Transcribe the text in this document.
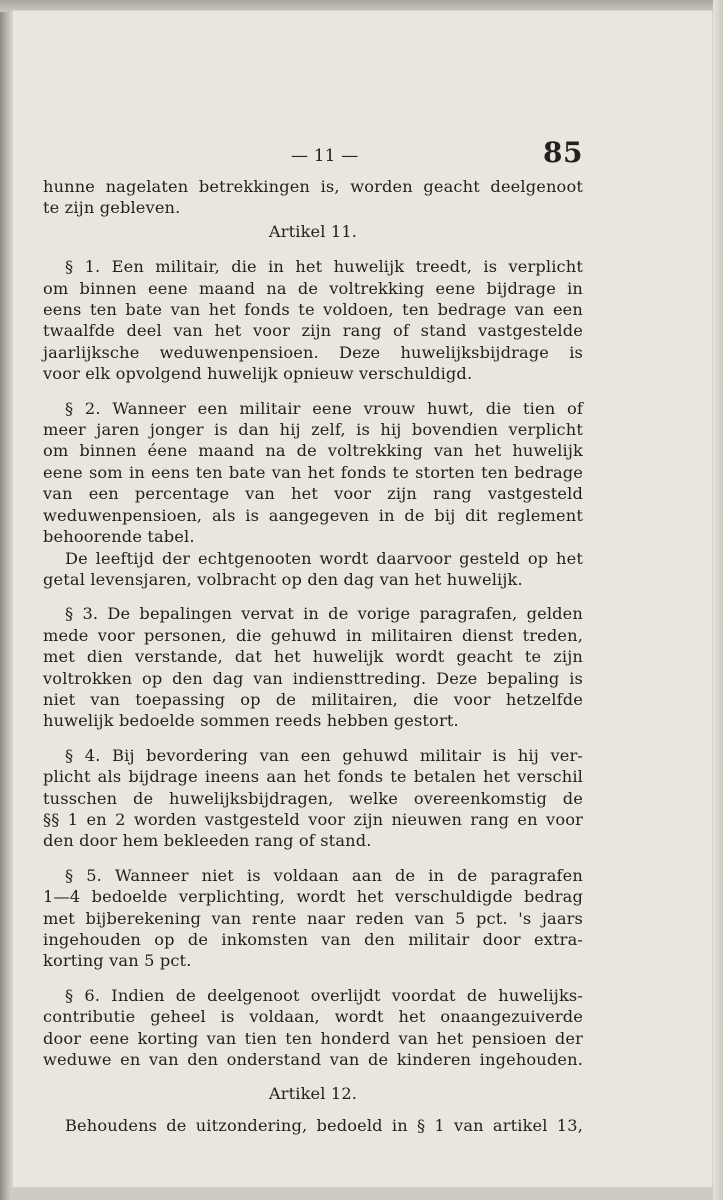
— 11 —	85
hunne nagelaten betrekkingen is, worden geacht deelgenoot
te zijn gebleven.
Artikel 11.
§ 1. Een militair, die in het huwelijk treedt, is verplicht
om binnen eene maand na de voltrekking eene bijdrage in
eens ten bate van het fonds te voldoen, ten bedrage van een
twaalfde deel van het voor zijn rang of stand vastgestelde
jaarlijksche weduwenpensioen. Deze huwelijksbijdrage is
voor elk opvolgend huwelijk opnieuw verschuldigd.
§ 2. Wanneer een militair eene vrouw huwt, die tien of
meer jaren jonger is dan hij zelf, is hij bovendien verplicht
om binnen éene maand na de voltrekking van het huwelijk
eene som in eens ten bate van het fonds te storten ten bedrage
van een percentage van het voor zijn rang vastgesteld
weduwenpensioen, als is aangegeven in de bij dit reglement
behoorende tabel.
De leeftijd der echtgenooten wordt daarvoor gesteld op het
getal levensjaren, volbracht op den dag van het huwelijk.
§ 3. De bepalingen vervat in de vorige paragrafen, gelden
mede voor personen, die gehuwd in militairen dienst treden,
met dien verstande, dat het huwelijk wordt geacht te zijn
voltrokken op den dag van indiensttreding. Deze bepaling is
niet van toepassing op de militairen, die voor hetzelfde
huwelijk bedoelde sommen reeds hebben gestort.
§ 4. Bij bevordering van een gehuwd militair is hij ver-
plicht als bijdrage ineens aan het fonds te betalen het verschil
tusschen de huwelijksbijdragen, welke overeenkomstig de
§§ 1 en 2 worden vastgesteld voor zijn nieuwen rang en voor
den door hem bekleeden rang of stand.
§ 5. Wanneer niet is voldaan aan de in de paragrafen
1—4 bedoelde verplichting, wordt het verschuldigde bedrag
met bijberekening van rente naar reden van 5 pct. 's jaars
ingehouden op de inkomsten van den militair door extra-
korting van 5 pct.
§ 6. Indien de deelgenoot overlijdt voordat de huwelijks-
contributie geheel is voldaan, wordt het onaangezuiverde
door eene korting van tien ten honderd van het pensioen der
weduwe en van den onderstand van de kinderen ingehouden.
Artikel 12.
Behoudens de uitzondering, bedoeld in § 1 van artikel 13,
